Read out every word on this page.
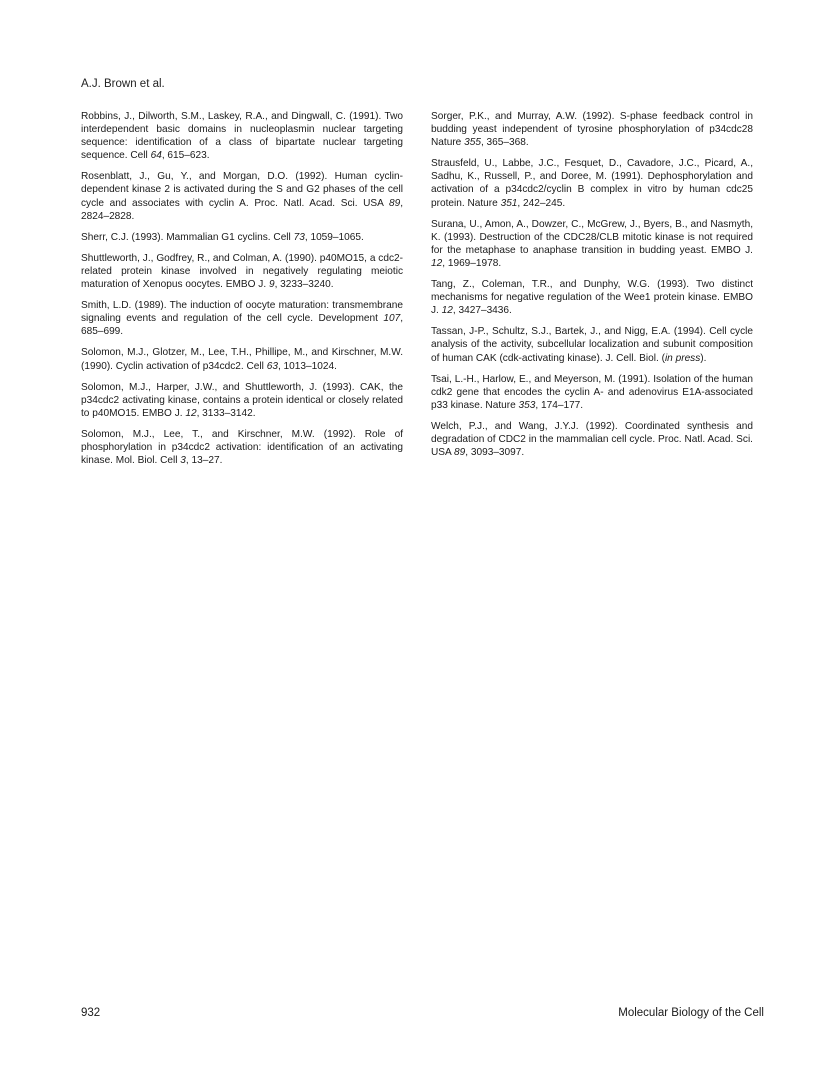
A.J. Brown et al.

Robbins, J., Dilworth, S.M., Laskey, R.A., and Dingwall, C. (1991). Two interdependent basic domains in nucleoplasmin nuclear targeting sequence: identification of a class of bipartate nuclear targeting sequence. Cell 64, 615–623.

Rosenblatt, J., Gu, Y., and Morgan, D.O. (1992). Human cyclin-dependent kinase 2 is activated during the S and G2 phases of the cell cycle and associates with cyclin A. Proc. Natl. Acad. Sci. USA 89, 2824–2828.

Sherr, C.J. (1993). Mammalian G1 cyclins. Cell 73, 1059–1065.

Shuttleworth, J., Godfrey, R., and Colman, A. (1990). p40MO15, a cdc2-related protein kinase involved in negatively regulating meiotic maturation of Xenopus oocytes. EMBO J. 9, 3233–3240.

Smith, L.D. (1989). The induction of oocyte maturation: transmembrane signaling events and regulation of the cell cycle. Development 107, 685–699.

Solomon, M.J., Glotzer, M., Lee, T.H., Phillipe, M., and Kirschner, M.W. (1990). Cyclin activation of p34cdc2. Cell 63, 1013–1024.

Solomon, M.J., Harper, J.W., and Shuttleworth, J. (1993). CAK, the p34cdc2 activating kinase, contains a protein identical or closely related to p40MO15. EMBO J. 12, 3133–3142.

Solomon, M.J., Lee, T., and Kirschner, M.W. (1992). Role of phosphorylation in p34cdc2 activation: identification of an activating kinase. Mol. Biol. Cell 3, 13–27.

Sorger, P.K., and Murray, A.W. (1992). S-phase feedback control in budding yeast independent of tyrosine phosphorylation of p34cdc28 Nature 355, 365–368.

Strausfeld, U., Labbe, J.C., Fesquet, D., Cavadore, J.C., Picard, A., Sadhu, K., Russell, P., and Doree, M. (1991). Dephosphorylation and activation of a p34cdc2/cyclin B complex in vitro by human cdc25 protein. Nature 351, 242–245.

Surana, U., Amon, A., Dowzer, C., McGrew, J., Byers, B., and Nasmyth, K. (1993). Destruction of the CDC28/CLB mitotic kinase is not required for the metaphase to anaphase transition in budding yeast. EMBO J. 12, 1969–1978.

Tang, Z., Coleman, T.R., and Dunphy, W.G. (1993). Two distinct mechanisms for negative regulation of the Wee1 protein kinase. EMBO J. 12, 3427–3436.

Tassan, J-P., Schultz, S.J., Bartek, J., and Nigg, E.A. (1994). Cell cycle analysis of the activity, subcellular localization and subunit composition of human CAK (cdk-activating kinase). J. Cell. Biol. (in press).

Tsai, L.-H., Harlow, E., and Meyerson, M. (1991). Isolation of the human cdk2 gene that encodes the cyclin A- and adenovirus E1A-associated p33 kinase. Nature 353, 174–177.

Welch, P.J., and Wang, J.Y.J. (1992). Coordinated synthesis and degradation of CDC2 in the mammalian cell cycle. Proc. Natl. Acad. Sci. USA 89, 3093–3097.

932	Molecular Biology of the Cell
